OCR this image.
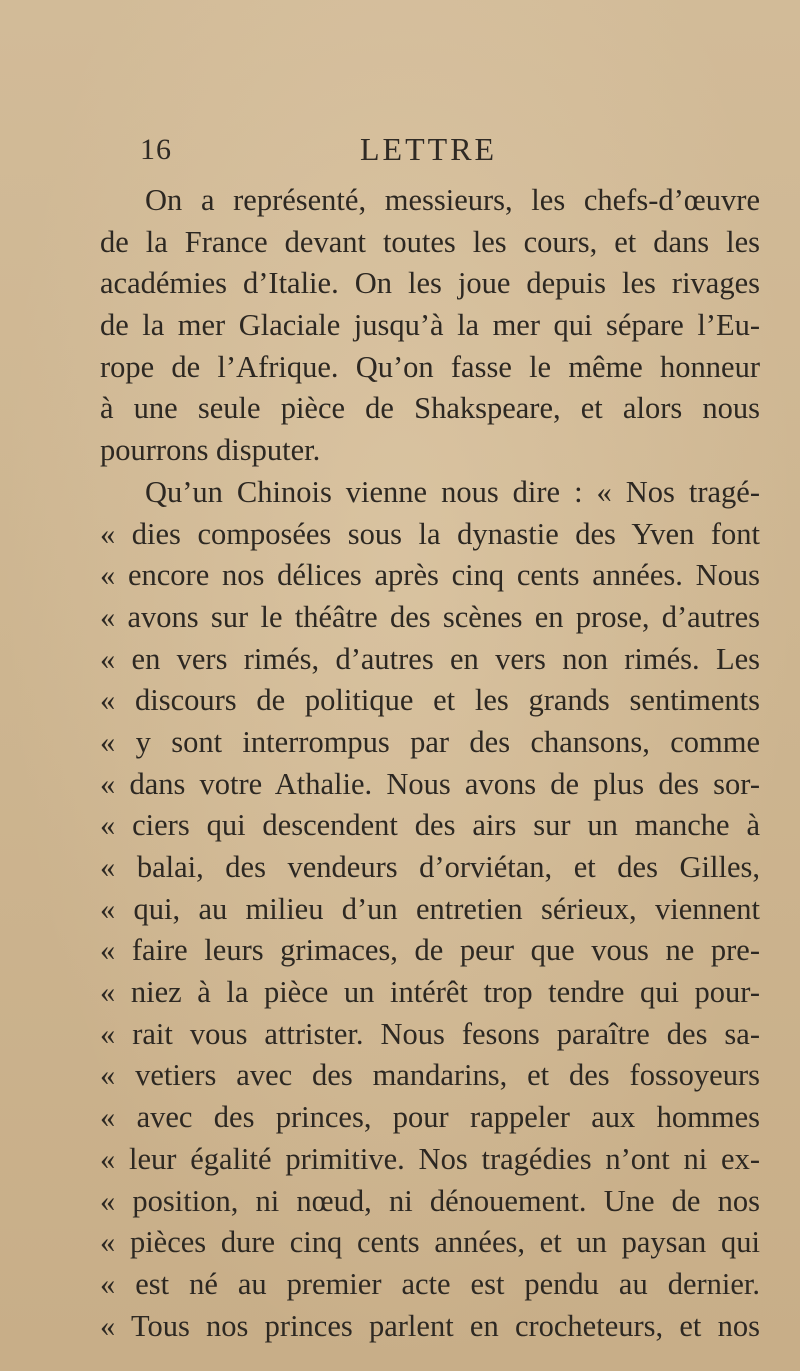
16	LETTRE
On a représenté, messieurs, les chefs-d’œuvre
de la France devant toutes les cours, et dans les
académies d’Italie. On les joue depuis les rivages
de la mer Glaciale jusqu’à la mer qui sépare l’Eu-
rope de l’Afrique. Qu’on fasse le même honneur
à une seule pièce de Shakspeare, et alors nous
pourrons disputer.
Qu’un Chinois vienne nous dire : « Nos tragé-
« dies composées sous la dynastie des Yven font
« encore nos délices après cinq cents années. Nous
« avons sur le théâtre des scènes en prose, d’autres
« en vers rimés, d’autres en vers non rimés. Les
« discours de politique et les grands sentiments
« y sont interrompus par des chansons, comme
« dans votre Athalie. Nous avons de plus des sor-
« ciers qui descendent des airs sur un manche à
« balai, des vendeurs d’orviétan, et des Gilles,
« qui, au milieu d’un entretien sérieux, viennent
« faire leurs grimaces, de peur que vous ne pre-
« niez à la pièce un intérêt trop tendre qui pour-
« rait vous attrister. Nous fesons paraître des sa-
« vetiers avec des mandarins, et des fossoyeurs
« avec des princes, pour rappeler aux hommes
« leur égalité primitive. Nos tragédies n’ont ni ex-
« position, ni nœud, ni dénouement. Une de nos
« pièces dure cinq cents années, et un paysan qui
« est né au premier acte est pendu au dernier.
« Tous nos princes parlent en crocheteurs, et nos
